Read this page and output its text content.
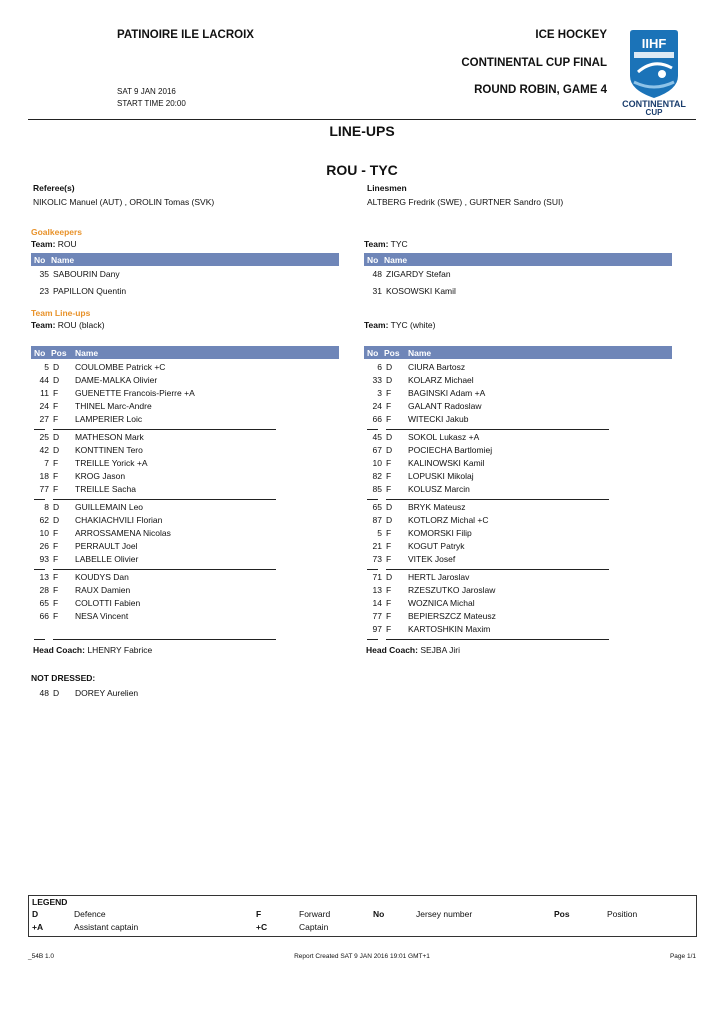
PATINOIRE ILE LACROIX
SAT 9 JAN 2016
START TIME 20:00
ICE HOCKEY
CONTINENTAL CUP FINAL
ROUND ROBIN, GAME 4
IIHF
CONTINENTAL
CUP
LINE-UPS
ROU - TYC
Referee(s)
NIKOLIC Manuel (AUT) , OROLIN Tomas (SVK)
Linesmen
ALTBERG Fredrik (SWE) , GURTNER Sandro (SUI)
Goalkeepers
Team: ROU	Team: TYC
No Name	No Name
35 SABOURIN Dany
23 PAPILLON Quentin
48 ZIGARDY Stefan
31 KOSOWSKI Kamil
Team Line-ups
Team: ROU (black)	Team: TYC (white)
No Pos Name	No Pos Name
5 D COULOMBE Patrick +C
44 D DAME-MALKA Olivier
11 F GUENETTE Francois-Pierre +A
24 F THINEL Marc-Andre
27 F LAMPERIER Loic
25 D MATHESON Mark
42 D KONTTINEN Tero
7 F TREILLE Yorick +A
18 F KROG Jason
77 F TREILLE Sacha
8 D GUILLEMAIN Leo
62 D CHAKIACHVILI Florian
10 F ARROSSAMENA Nicolas
26 F PERRAULT Joel
93 F LABELLE Olivier
13 F KOUDYS Dan
28 F RAUX Damien
65 F COLOTTI Fabien
66 F NESA Vincent
6 D CIURA Bartosz
33 D KOLARZ Michael
3 F BAGINSKI Adam +A
24 F GALANT Radoslaw
66 F WITECKI Jakub
45 D SOKOL Lukasz +A
67 D POCIECHA Bartlomiej
10 F KALINOWSKI Kamil
82 F LOPUSKI Mikolaj
85 F KOLUSZ Marcin
65 D BRYK Mateusz
87 D KOTLORZ Michal +C
5 F KOMORSKI Filip
21 F KOGUT Patryk
73 F VITEK Josef
71 D HERTL Jaroslav
13 F RZESZUTKO Jaroslaw
14 F WOZNICA Michal
77 F BEPIERSZCZ Mateusz
97 F KARTOSHKIN Maxim
Head Coach: LHENRY Fabrice	Head Coach: SEJBA Jiri
NOT DRESSED:
48 D DOREY Aurelien
LEGEND
D	Defence
+A	Assistant captain
F	Forward
+C	Captain
No	Jersey number	Pos	Position
_54B 1.0	Report Created SAT 9 JAN 2016 19:01 GMT+1	Page 1/1
